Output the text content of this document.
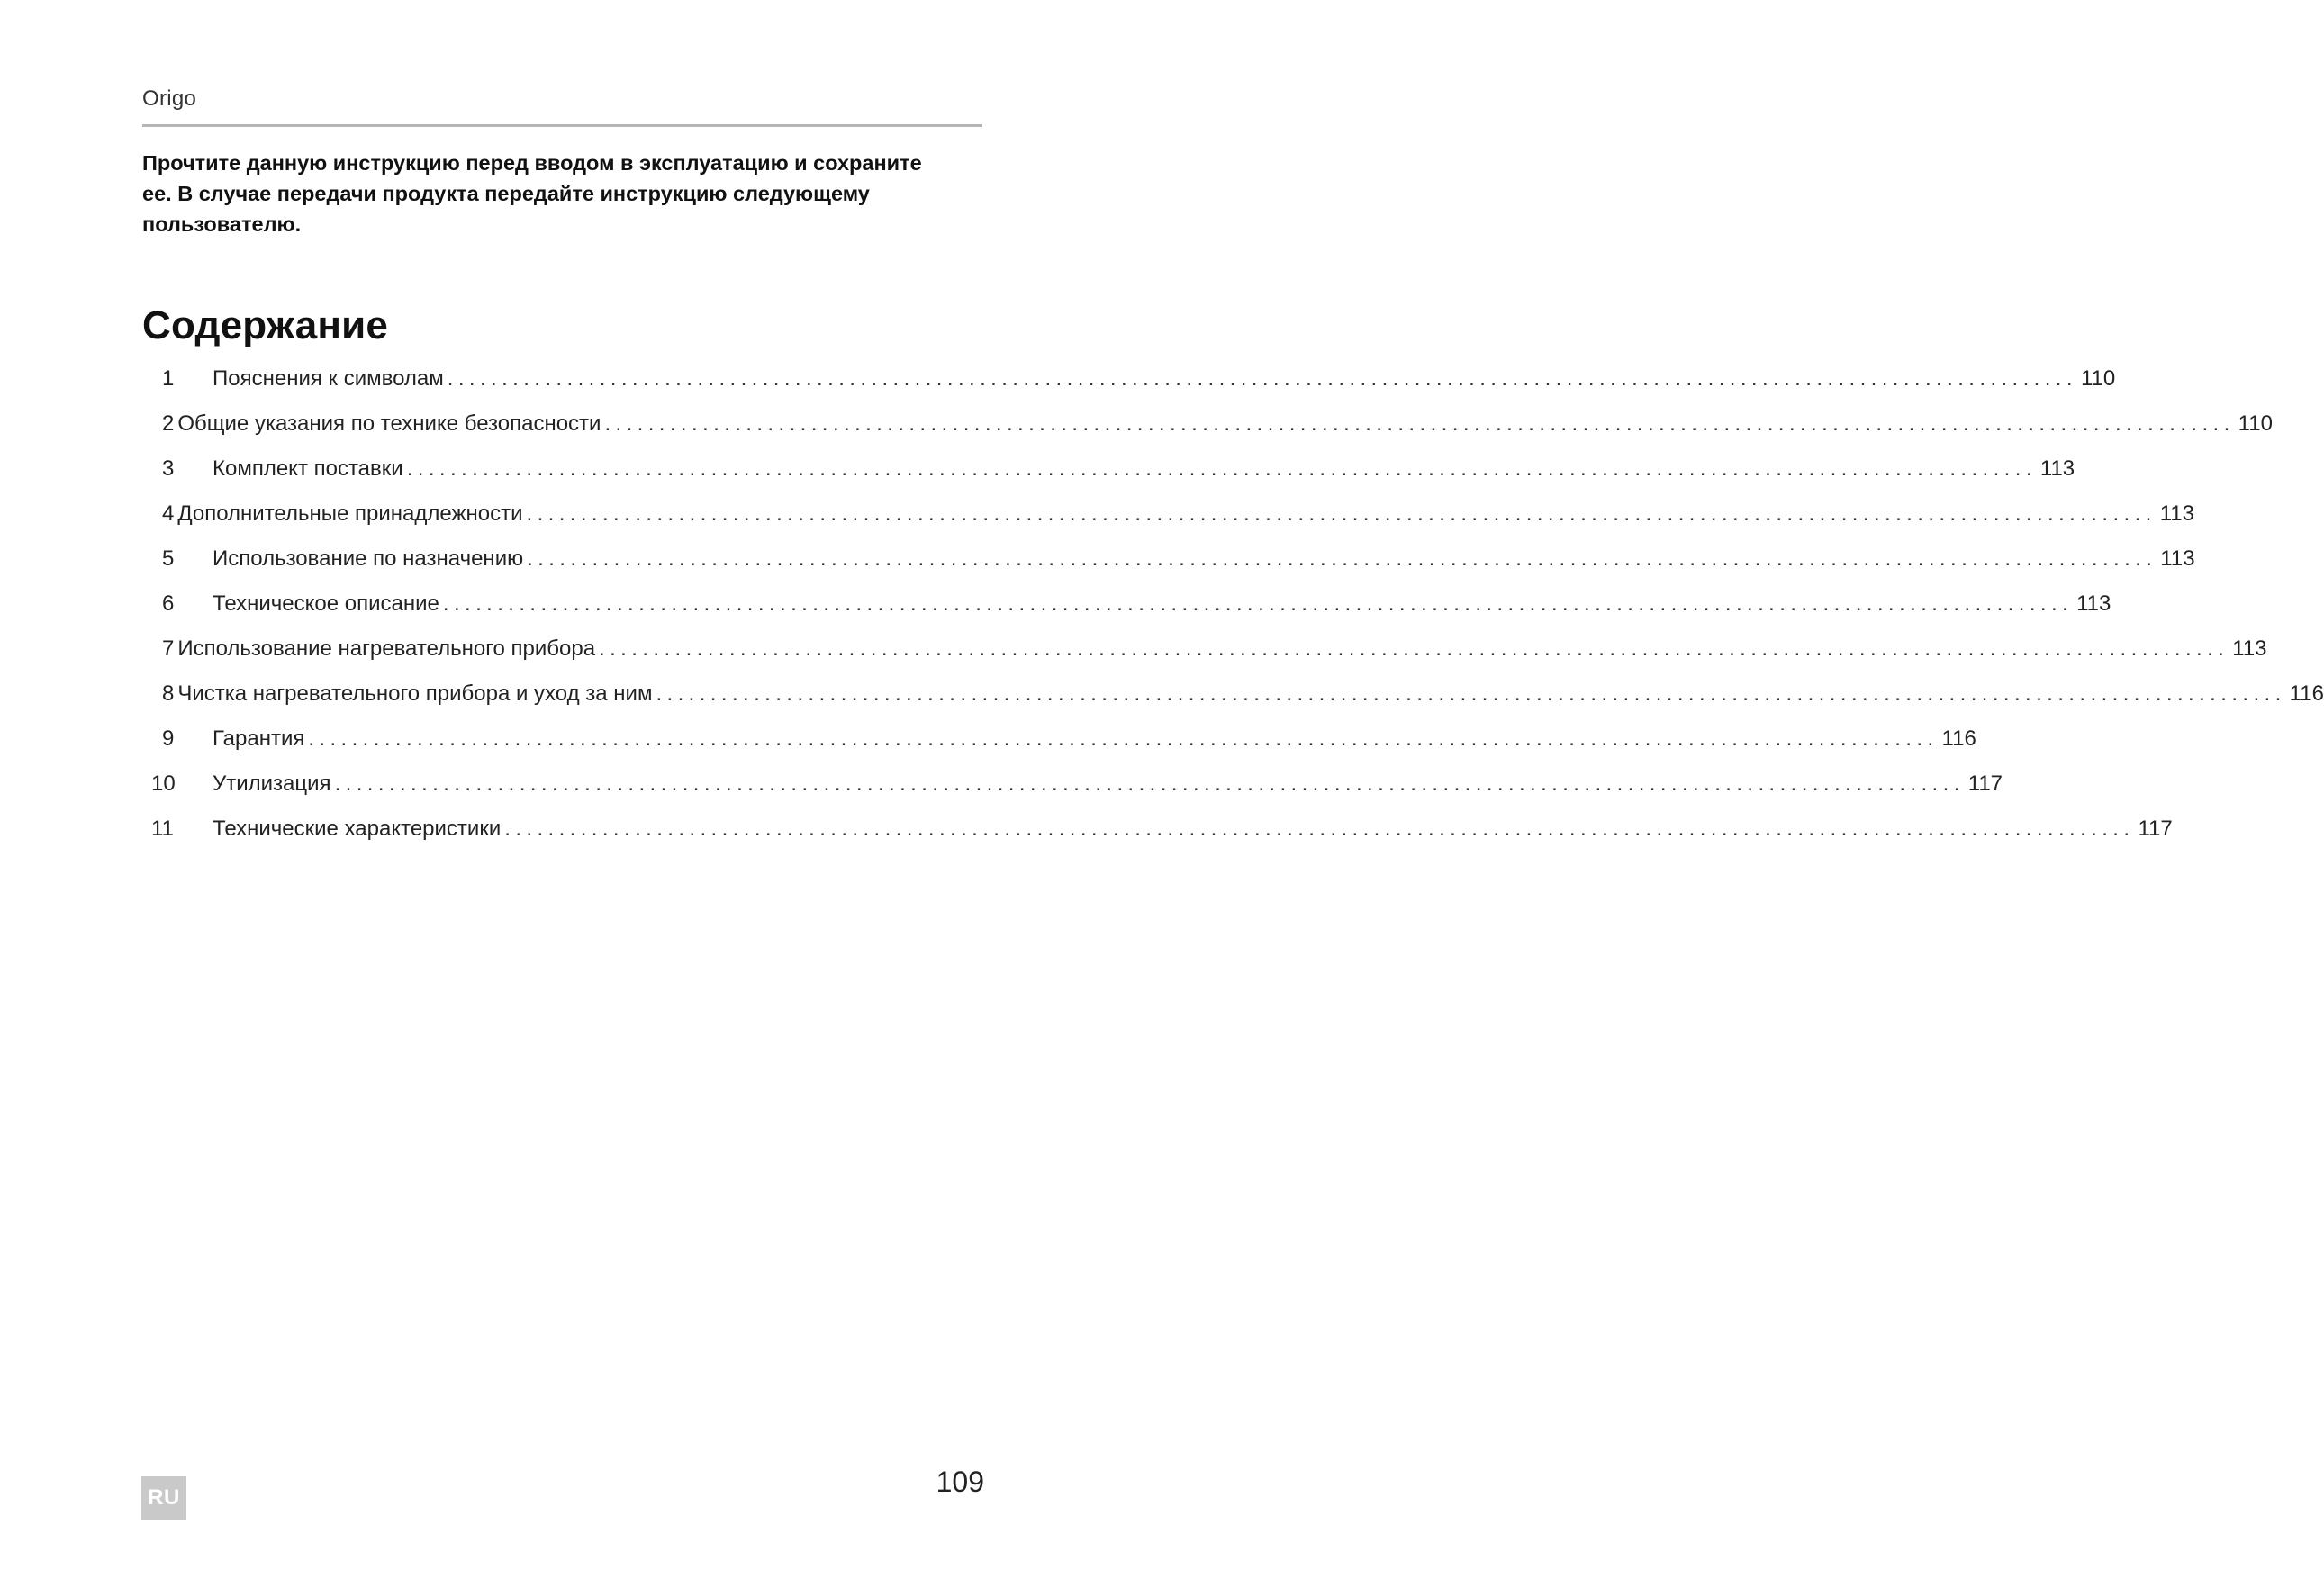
Origo

Прочтите данную инструкцию перед вводом в эксплуатацию и сохраните ее. В случае передачи продукта передайте инструкцию следующему пользователю.

Содержание
1	Пояснения к символам ...................................................................................................................................................... 110
2 Общие указания по технике безопасности ...................................................................................................................................................... 110
3	Комплект поставки ...................................................................................................................................................... 113
4 Дополнительные принадлежности ...................................................................................................................................................... 113
5	Использование по назначению ...................................................................................................................................................... 113
6	Техническое описание ...................................................................................................................................................... 113
7 Использование нагревательного прибора ...................................................................................................................................................... 113
8 Чистка нагревательного прибора и уход за ним ...................................................................................................................................................... 116
9	Гарантия ...................................................................................................................................................... 116
10	Утилизация ...................................................................................................................................................... 117
11	Технические характеристики ...................................................................................................................................................... 117
RU	109
